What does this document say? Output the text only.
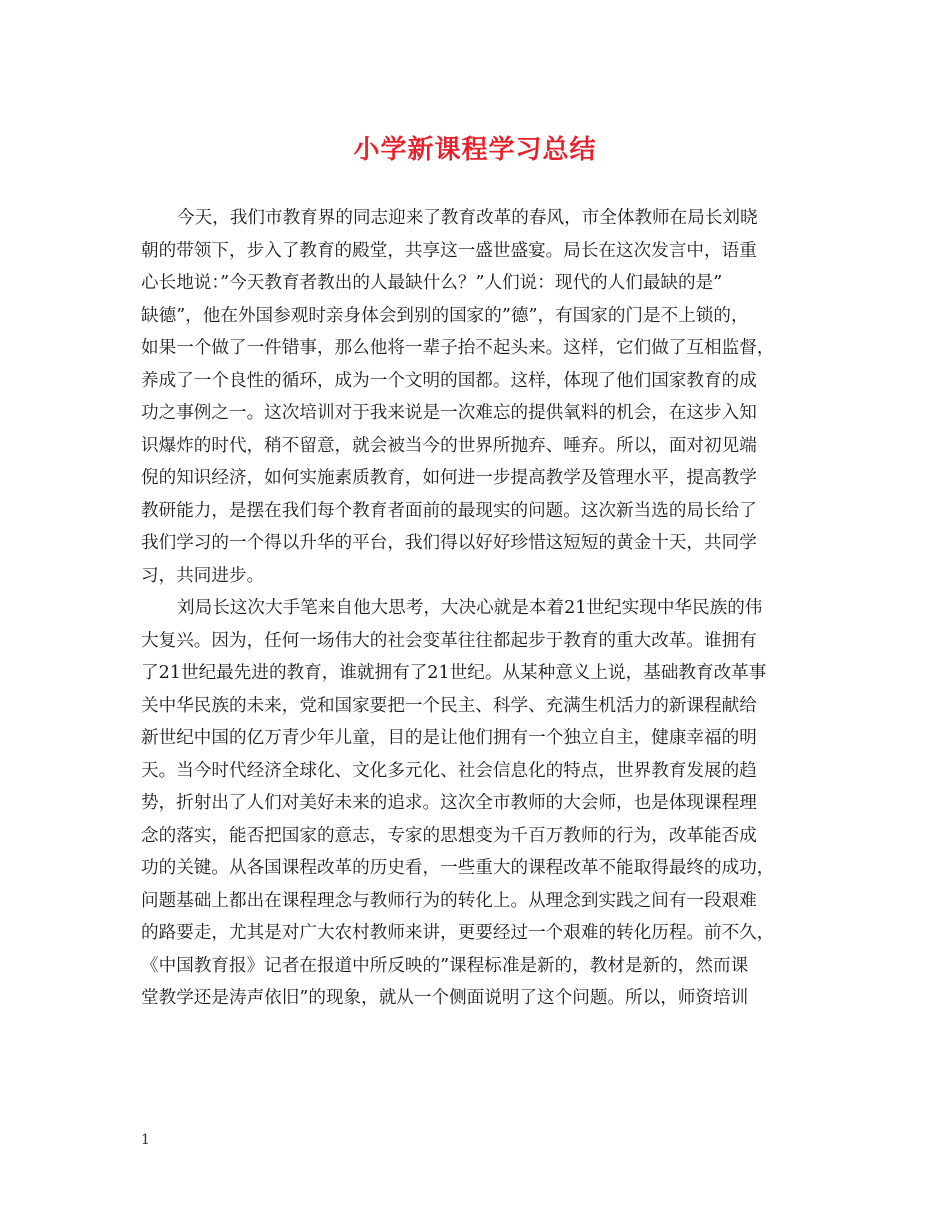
小学新课程学习总结
今天，我们市教育界的同志迎来了教育改革的春风，市全体教师在局长刘晓
朝的带领下，步入了教育的殿堂，共享这一盛世盛宴。局长在这次发言中，语重
心长地说：”今天教育者教出的人最缺什么？”人们说：现代的人们最缺的是”
缺德”，他在外国参观时亲身体会到别的国家的”德”，有国家的门是不上锁的，
如果一个做了一件错事，那么他将一辈子抬不起头来。这样，它们做了互相监督，
养成了一个良性的循环，成为一个文明的国都。这样，体现了他们国家教育的成
功之事例之一。这次培训对于我来说是一次难忘的提供氧料的机会，在这步入知
识爆炸的时代，稍不留意，就会被当今的世界所抛弃、唾弃。所以，面对初见端
倪的知识经济，如何实施素质教育，如何进一步提高教学及管理水平，提高教学
教研能力，是摆在我们每个教育者面前的最现实的问题。这次新当选的局长给了
我们学习的一个得以升华的平台，我们得以好好珍惜这短短的黄金十天，共同学
习，共同进步。
刘局长这次大手笔来自他大思考，大决心就是本着21世纪实现中华民族的伟
大复兴。因为，任何一场伟大的社会变革往往都起步于教育的重大改革。谁拥有
了21世纪最先进的教育，谁就拥有了21世纪。从某种意义上说，基础教育改革事
关中华民族的未来，党和国家要把一个民主、科学、充满生机活力的新课程献给
新世纪中国的亿万青少年儿童，目的是让他们拥有一个独立自主，健康幸福的明
天。当今时代经济全球化、文化多元化、社会信息化的特点，世界教育发展的趋
势，折射出了人们对美好未来的追求。这次全市教师的大会师，也是体现课程理
念的落实，能否把国家的意志，专家的思想变为千百万教师的行为，改革能否成
功的关键。从各国课程改革的历史看，一些重大的课程改革不能取得最终的成功，
问题基础上都出在课程理念与教师行为的转化上。从理念到实践之间有一段艰难
的路要走，尤其是对广大农村教师来讲，更要经过一个艰难的转化历程。前不久，
《中国教育报》记者在报道中所反映的”课程标准是新的，教材是新的，然而课
堂教学还是涛声依旧”的现象，就从一个侧面说明了这个问题。所以，师资培训
1
